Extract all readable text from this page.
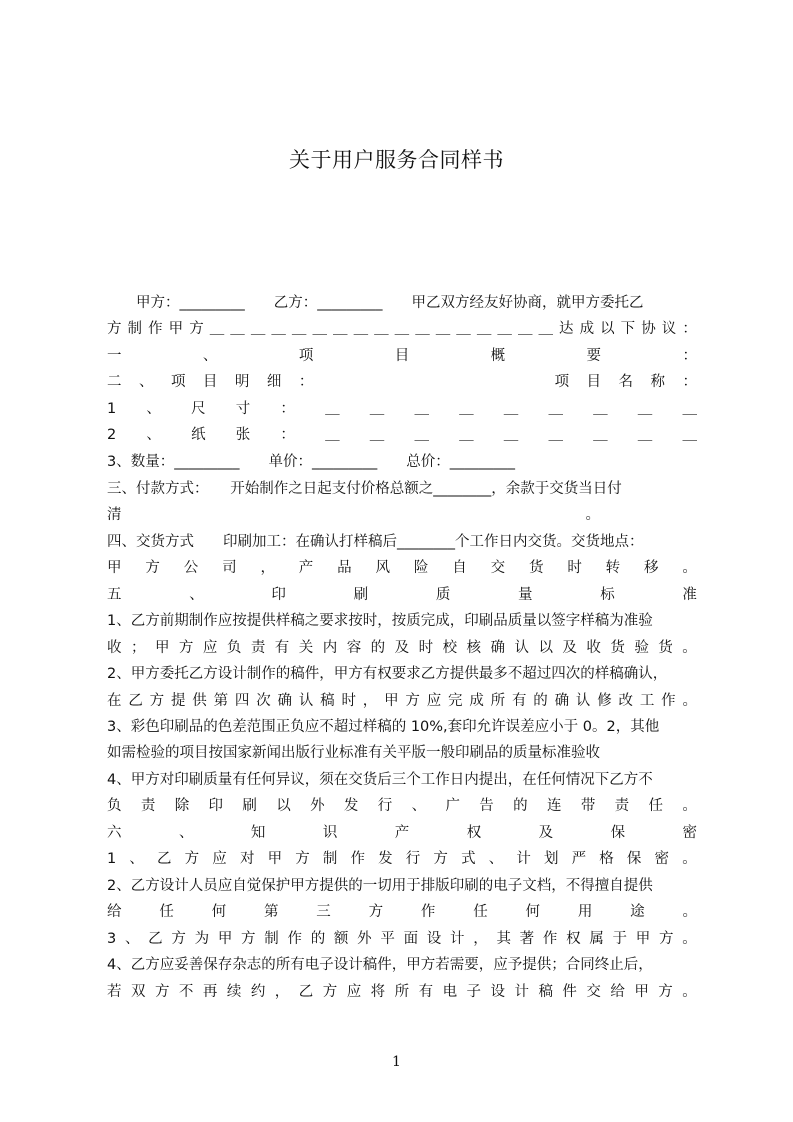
关于用户服务合同样书
　　甲方：_________　　乙方：_________　　甲乙双方经友好协商，就甲方委托乙
方 制 作 甲 方 ＿ ＿ ＿ ＿ ＿ ＿ ＿ ＿ ＿ ＿ ＿ ＿ ＿ ＿ ＿ ＿ ＿ 达 成 以 下 协 议 ：
一	、	项	目	概	要	：
二 、 项 目 明 细 ：

　	项 目 名 称 ：
1 、 尺 寸 ： ＿ ＿ ＿ ＿ ＿ ＿ ＿ ＿ ＿
2 、 纸 张 ： ＿ ＿ ＿ ＿ ＿ ＿ ＿ ＿ ＿
3、数量：_________　　单价：_________　　总价：_________
三、付款方式：　　开始制作之日起支付价格总额之________，余款于交货当日付
清　　　　　　　　　　　　　　　　　　　　　　　　　　　　　　　　。
四、交货方式　　印刷加工：在确认打样稿后________个工作日内交货。交货地点：
甲 方 公 司 ， 产 品 风 险 自 交 货 时 转 移 。
五	、	印	刷	质	量	标	准
1、乙方前期制作应按提供样稿之要求按时，按质完成，印刷品质量以签字样稿为准验
收 ； 甲 方 应 负 责 有 关 内 容 的 及 时 校 核 确 认 以 及 收 货 验 货 。
2、甲方委托乙方设计制作的稿件，甲方有权要求乙方提供最多不超过四次的样稿确认，
在 乙 方 提 供 第 四 次 确 认 稿 时 ， 甲 方 应 完 成 所 有 的 确 认 修 改 工 作 。
3、彩色印刷品的色差范围正负应不超过样稿的 10%,套印允许误差应小于 0。2，其他
如需检验的项目按国家新闻出版行业标准有关平版一般印刷品的质量标准验收
4、甲方对印刷质量有任何异议，须在交货后三个工作日内提出，在任何情况下乙方不
负 责 除 印 刷 以 外 发 行 、 广 告 的 连 带 责 任 。
六	、	知	识	产	权	及	保	密
1 、 乙 方 应 对 甲 方 制 作 发 行 方 式 、 计 划 严 格 保 密 。
2、乙方设计人员应自觉保护甲方提供的一切用于排版印刷的电子文档，不得擅自提供
给	任	何	第	三	方	作	任	何	用	途	。
3 、 乙 方 为 甲 方 制 作 的 额 外 平 面 设 计 ， 其 著 作 权 属 于 甲 方 。
4、乙方应妥善保存杂志的所有电子设计稿件，甲方若需要，应予提供；合同终止后，
若 双 方 不 再 续 约 ， 乙 方 应 将 所 有 电 子 设 计 稿 件 交 给 甲 方 。
1
